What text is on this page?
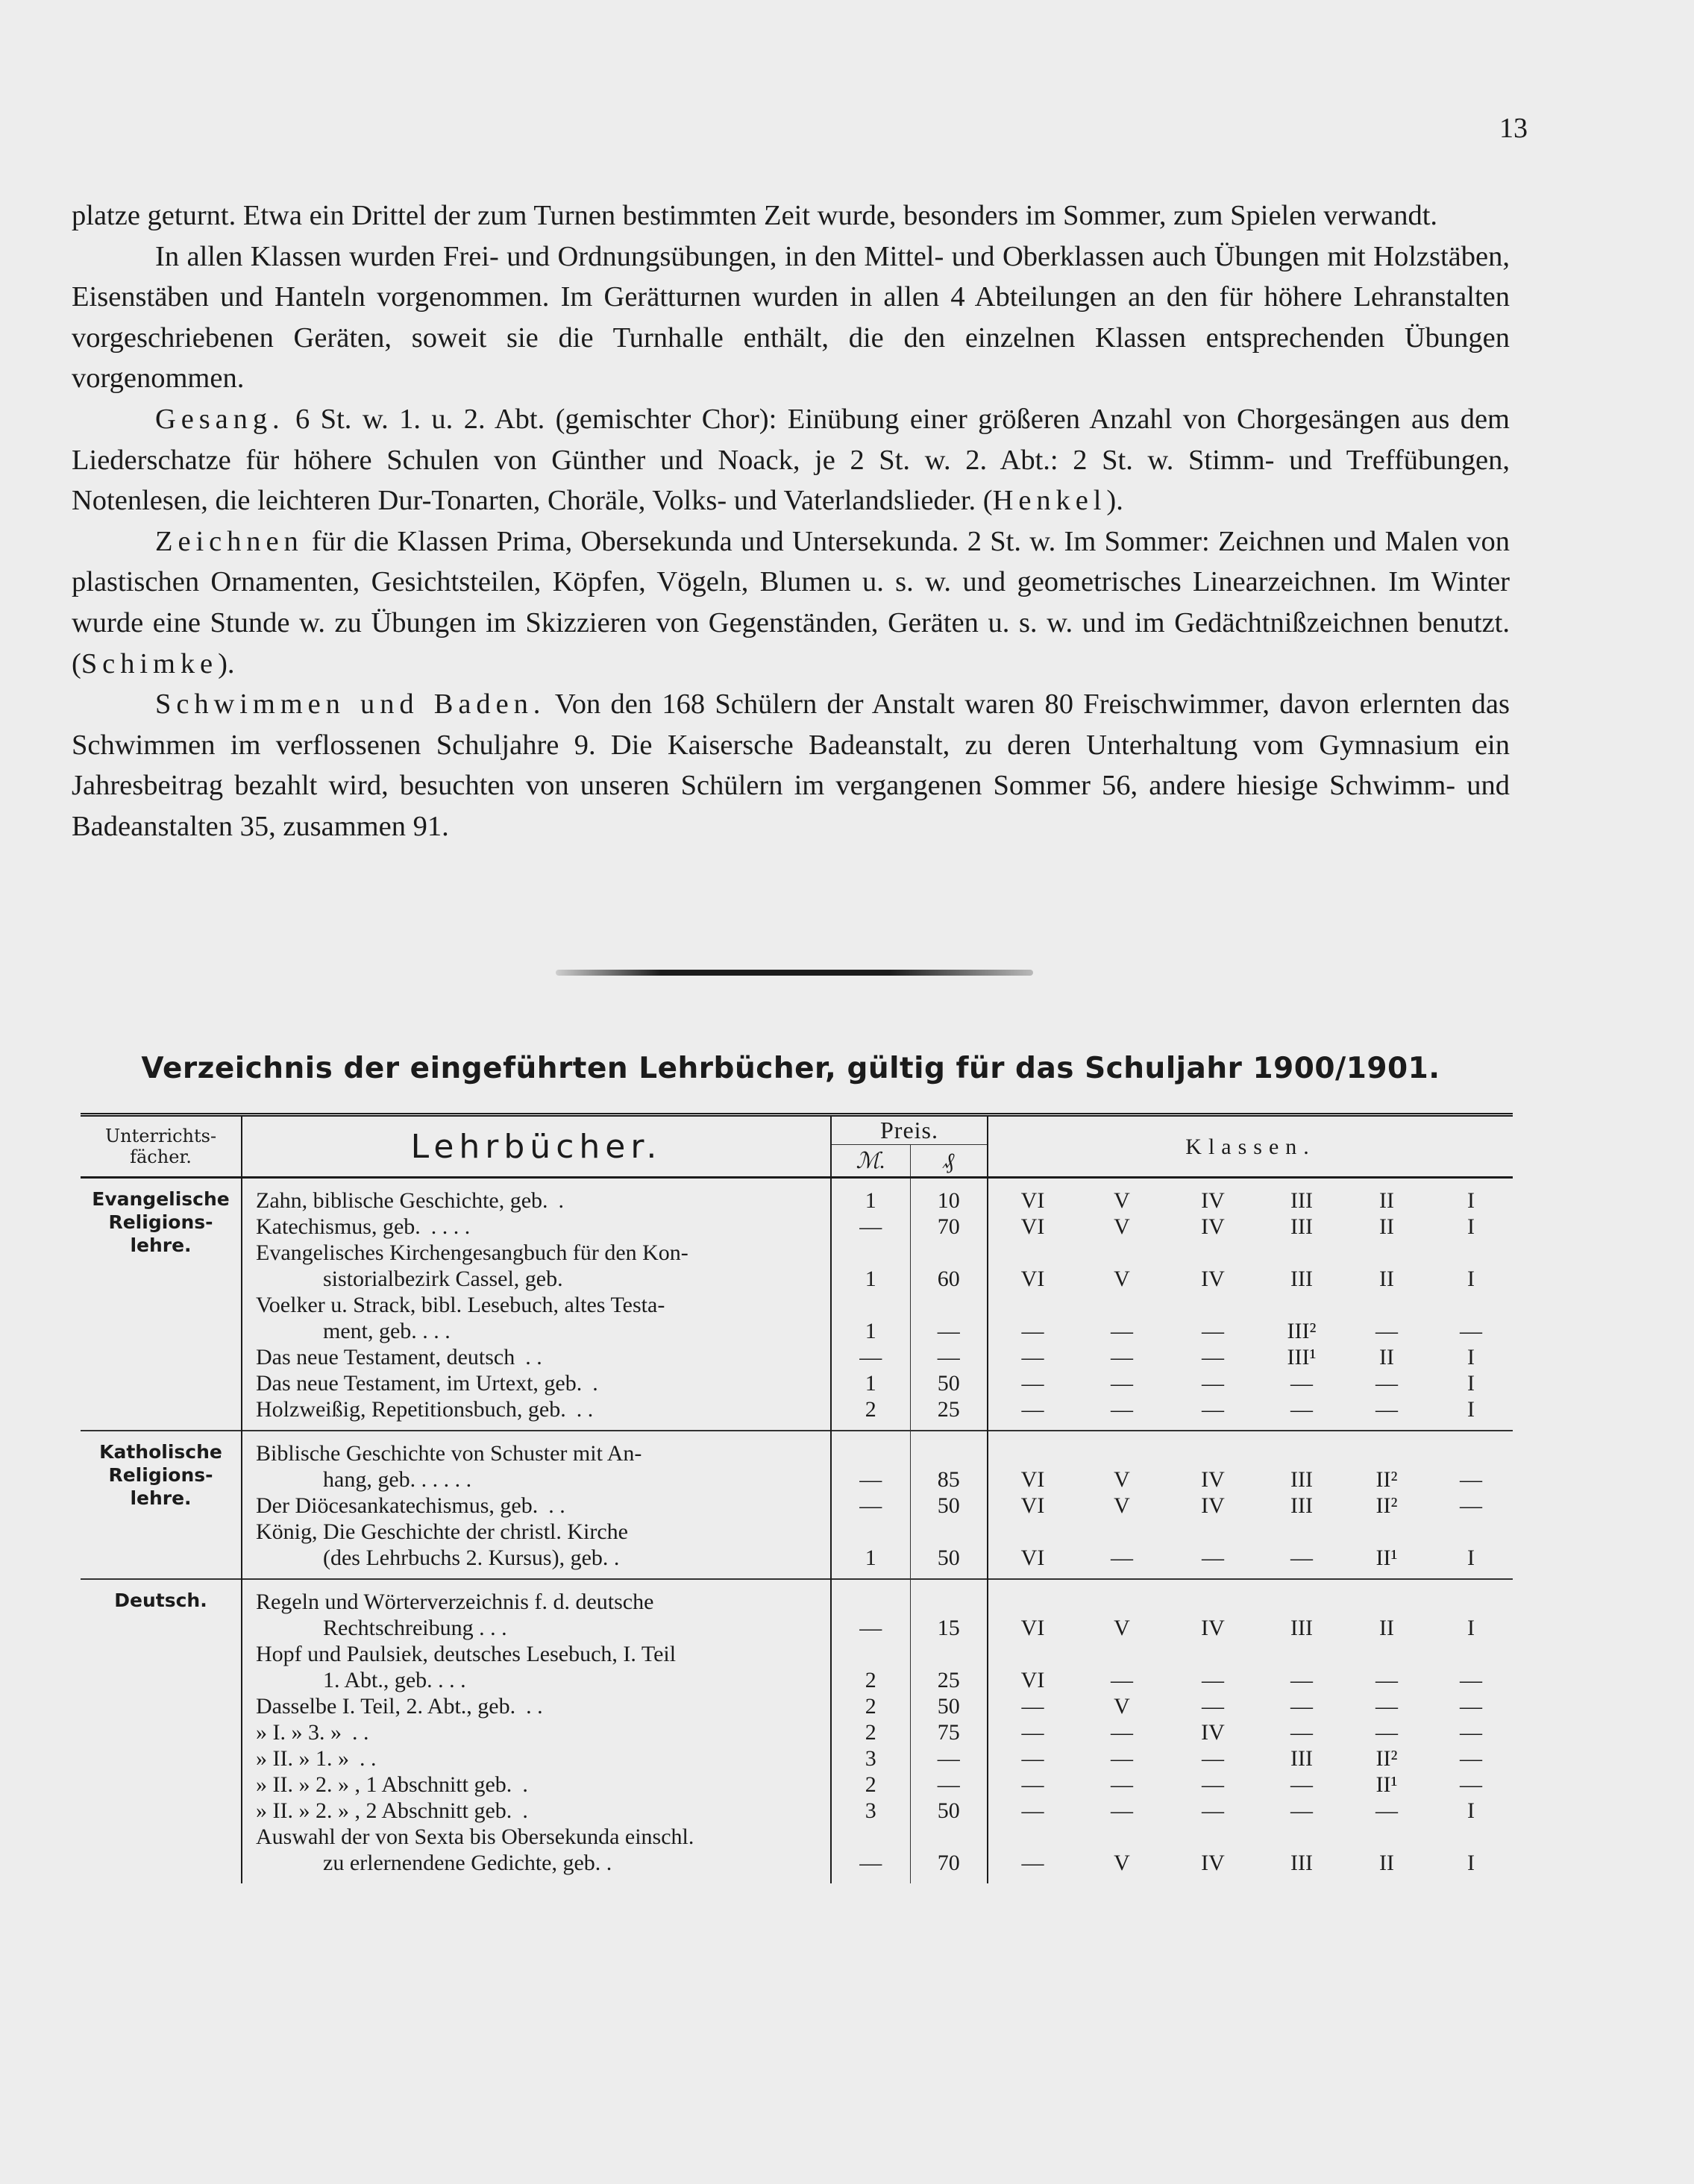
13

platze geturnt. Etwa ein Drittel der zum Turnen bestimmten Zeit wurde, besonders im Sommer, zum Spielen verwandt.

In allen Klassen wurden Frei- und Ordnungsübungen, in den Mittel- und Oberklassen auch Übungen mit Holzstäben, Eisenstäben und Hanteln vorgenommen. Im Gerätturnen wurden in allen 4 Abteilungen an den für höhere Lehranstalten vorgeschriebenen Geräten, soweit sie die Turnhalle enthält, die den einzelnen Klassen entsprechenden Übungen vorgenommen.

Gesang. 6 St. w. 1. u. 2. Abt. (gemischter Chor): Einübung einer größeren Anzahl von Chorgesängen aus dem Liederschatze für höhere Schulen von Günther und Noack, je 2 St. w. 2. Abt.: 2 St. w. Stimm- und Treffübungen, Notenlesen, die leichteren Dur-Tonarten, Choräle, Volks- und Vaterlandslieder. (Henkel).

Zeichnen für die Klassen Prima, Obersekunda und Untersekunda. 2 St. w. Im Sommer: Zeichnen und Malen von plastischen Ornamenten, Gesichtsteilen, Köpfen, Vögeln, Blumen u. s. w. und geometrisches Linearzeichnen. Im Winter wurde eine Stunde w. zu Übungen im Skizzieren von Gegenständen, Geräten u. s. w. und im Gedächtnißzeichnen benutzt. (Schimke).

Schwimmen und Baden. Von den 168 Schülern der Anstalt waren 80 Freischwimmer, davon erlernten das Schwimmen im verflossenen Schuljahre 9. Die Kaisersche Badeanstalt, zu deren Unterhaltung vom Gymnasium ein Jahresbeitrag bezahlt wird, besuchten von unseren Schülern im vergangenen Sommer 56, andere hiesige Schwimm- und Badeanstalten 35, zusammen 91.

Verzeichnis der eingeführten Lehrbücher, gültig für das Schuljahr 1900/1901.
Unterrichts-fächer.	Lehrbücher.	Preis.		Klassen.					
		ℳ.	₰						
Evangelische Religions-lehre.	Zahn, biblische Geschichte, geb. .	1	10	VI	V	IV	III	II	I
	Katechismus, geb. . . . .	—	70	VI	V	IV	III	II	I

	Evangelisches Kirchengesangbuch für den Kon-
sistorialbezirk Cassel, geb.	1	60	VI	V	IV	III	II	I

	Voelker u. Strack, bibl. Lesebuch, altes Testa-
ment, geb. . . .	1	—	—	—	—	III²	—	—
	Das neue Testament, deutsch . .	—	—	—	—	—	III¹	II	I
	Das neue Testament, im Urtext, geb. .	1	50	—	—	—	—	—	I
	Holzweißig, Repetitionsbuch, geb. . .	2	25	—	—	—	—	—	I
Katholische Religions-lehre.	Biblische Geschichte von Schuster mit An-
hang, geb. . . . . .	—	85	VI	V	IV	III	II²	—
	Der Diöcesankatechismus, geb. . .	—	50	VI	V	IV	III	II²	—

	König, Die Geschichte der christl. Kirche
(des Lehrbuchs 2. Kursus), geb. .	1	50	VI	—	—	—	II¹	I
Deutsch.	Regeln und Wörterverzeichnis f. d. deutsche
Rechtschreibung . . .	—	15	VI	V	IV	III	II	I

	Hopf und Paulsiek, deutsches Lesebuch, I. Teil
1. Abt., geb. . . .	2	25	VI	—	—	—	—	—
	Dasselbe I. Teil, 2. Abt., geb. . .	2	50	—	V	—	—	—	—
	» I. » 3. » . .	2	75	—	—	IV	—	—	—
	» II. » 1. » . .	3	—	—	—	—	III	II²	—
	» II. » 2. » , 1 Abschnitt geb. .	2	—	—	—	—	—	II¹	—
	» II. » 2. » , 2 Abschnitt geb. .	3	50	—	—	—	—	—	I

	Auswahl der von Sexta bis Obersekunda einschl.
zu erlernendene Gedichte, geb. .	—	70	—	V	IV	III	II	I
